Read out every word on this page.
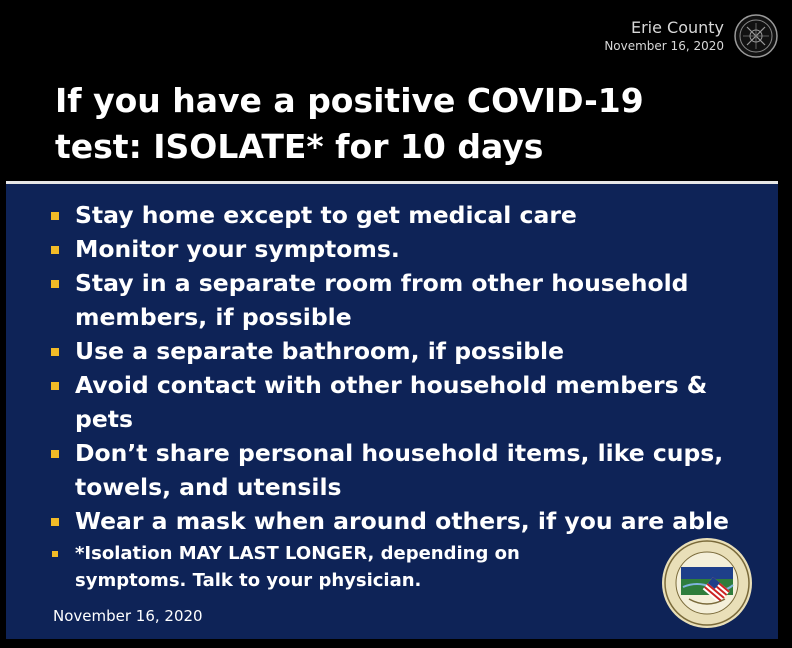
Erie County
November 16, 2020
If you have a positive COVID-19
test: ISOLATE* for 10 days
Stay home except to get medical care
Monitor your symptoms.
Stay in a separate room from other household
members, if possible
Use a separate bathroom, if possible
Avoid contact with other household members &
pets
Don’t share personal household items, like cups,
towels, and utensils
Wear a mask when around others, if you are able
*Isolation MAY LAST LONGER, depending on
symptoms. Talk to your physician.
November 16, 2020
